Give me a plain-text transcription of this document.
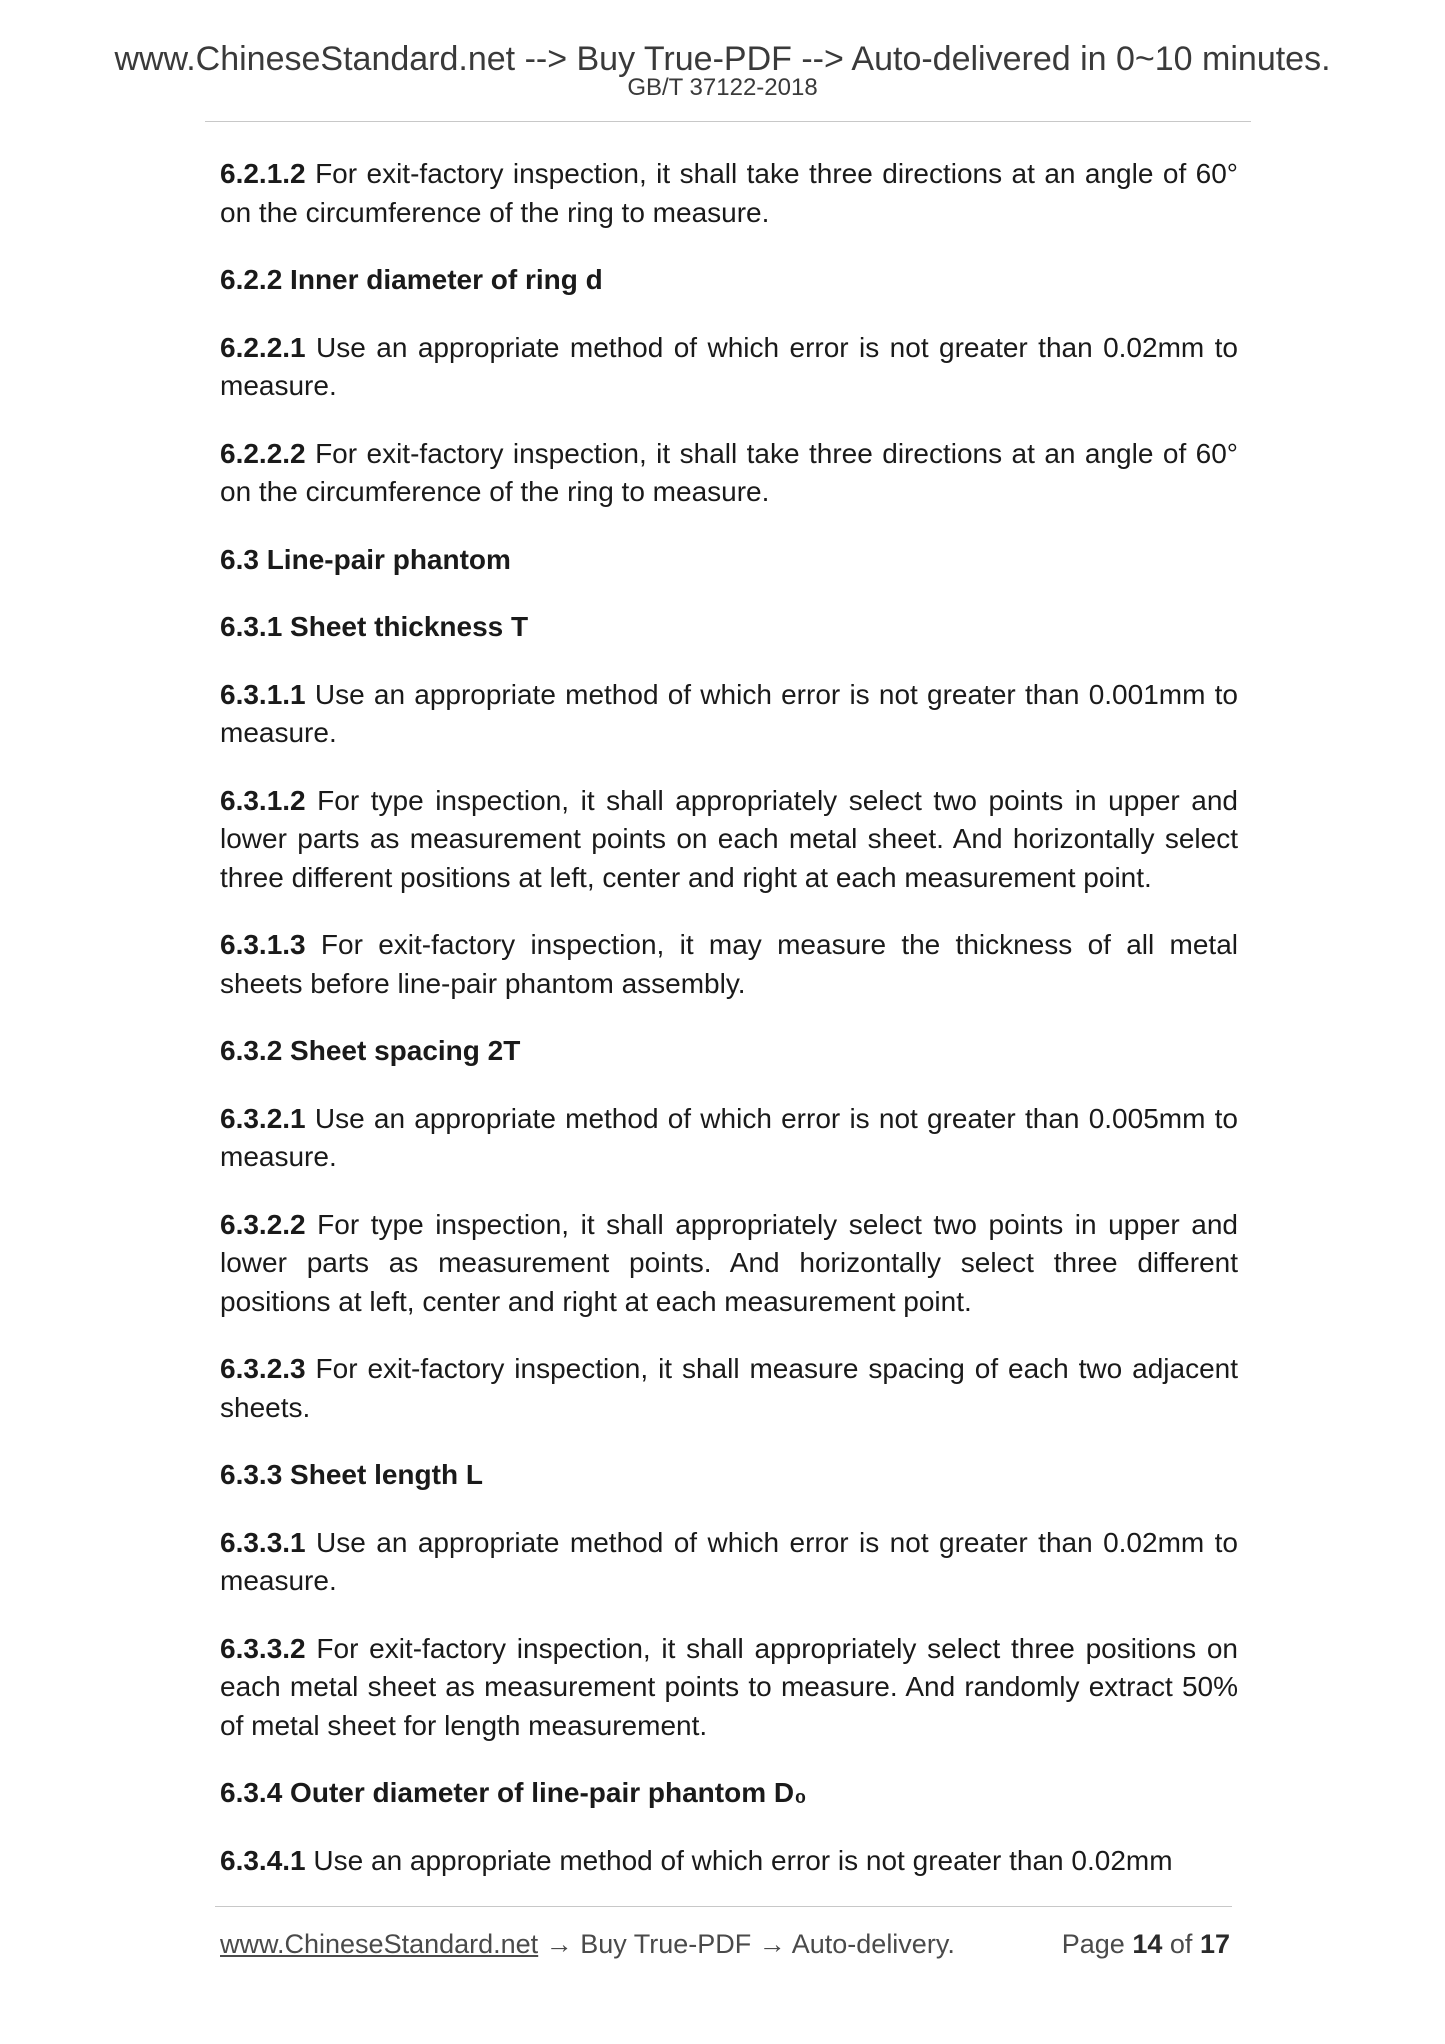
www.ChineseStandard.net --> Buy True-PDF --> Auto-delivered in 0~10 minutes.
GB/T 37122-2018

6.2.1.2 For exit-factory inspection, it shall take three directions at an angle of 60° on the circumference of the ring to measure.

6.2.2 Inner diameter of ring d

6.2.2.1 Use an appropriate method of which error is not greater than 0.02mm to measure.

6.2.2.2 For exit-factory inspection, it shall take three directions at an angle of 60° on the circumference of the ring to measure.

6.3 Line-pair phantom

6.3.1 Sheet thickness T

6.3.1.1 Use an appropriate method of which error is not greater than 0.001mm to measure.

6.3.1.2 For type inspection, it shall appropriately select two points in upper and lower parts as measurement points on each metal sheet. And horizontally select three different positions at left, center and right at each measurement point.

6.3.1.3 For exit-factory inspection, it may measure the thickness of all metal sheets before line-pair phantom assembly.

6.3.2 Sheet spacing 2T

6.3.2.1 Use an appropriate method of which error is not greater than 0.005mm to measure.

6.3.2.2 For type inspection, it shall appropriately select two points in upper and lower parts as measurement points. And horizontally select three different positions at left, center and right at each measurement point.

6.3.2.3 For exit-factory inspection, it shall measure spacing of each two adjacent sheets.

6.3.3 Sheet length L

6.3.3.1 Use an appropriate method of which error is not greater than 0.02mm to measure.

6.3.3.2 For exit-factory inspection, it shall appropriately select three positions on each metal sheet as measurement points to measure. And randomly extract 50% of metal sheet for length measurement.

6.3.4 Outer diameter of line-pair phantom D₀

6.3.4.1 Use an appropriate method of which error is not greater than 0.02mm

www.ChineseStandard.net → Buy True-PDF → Auto-delivery.	Page 14 of 17
